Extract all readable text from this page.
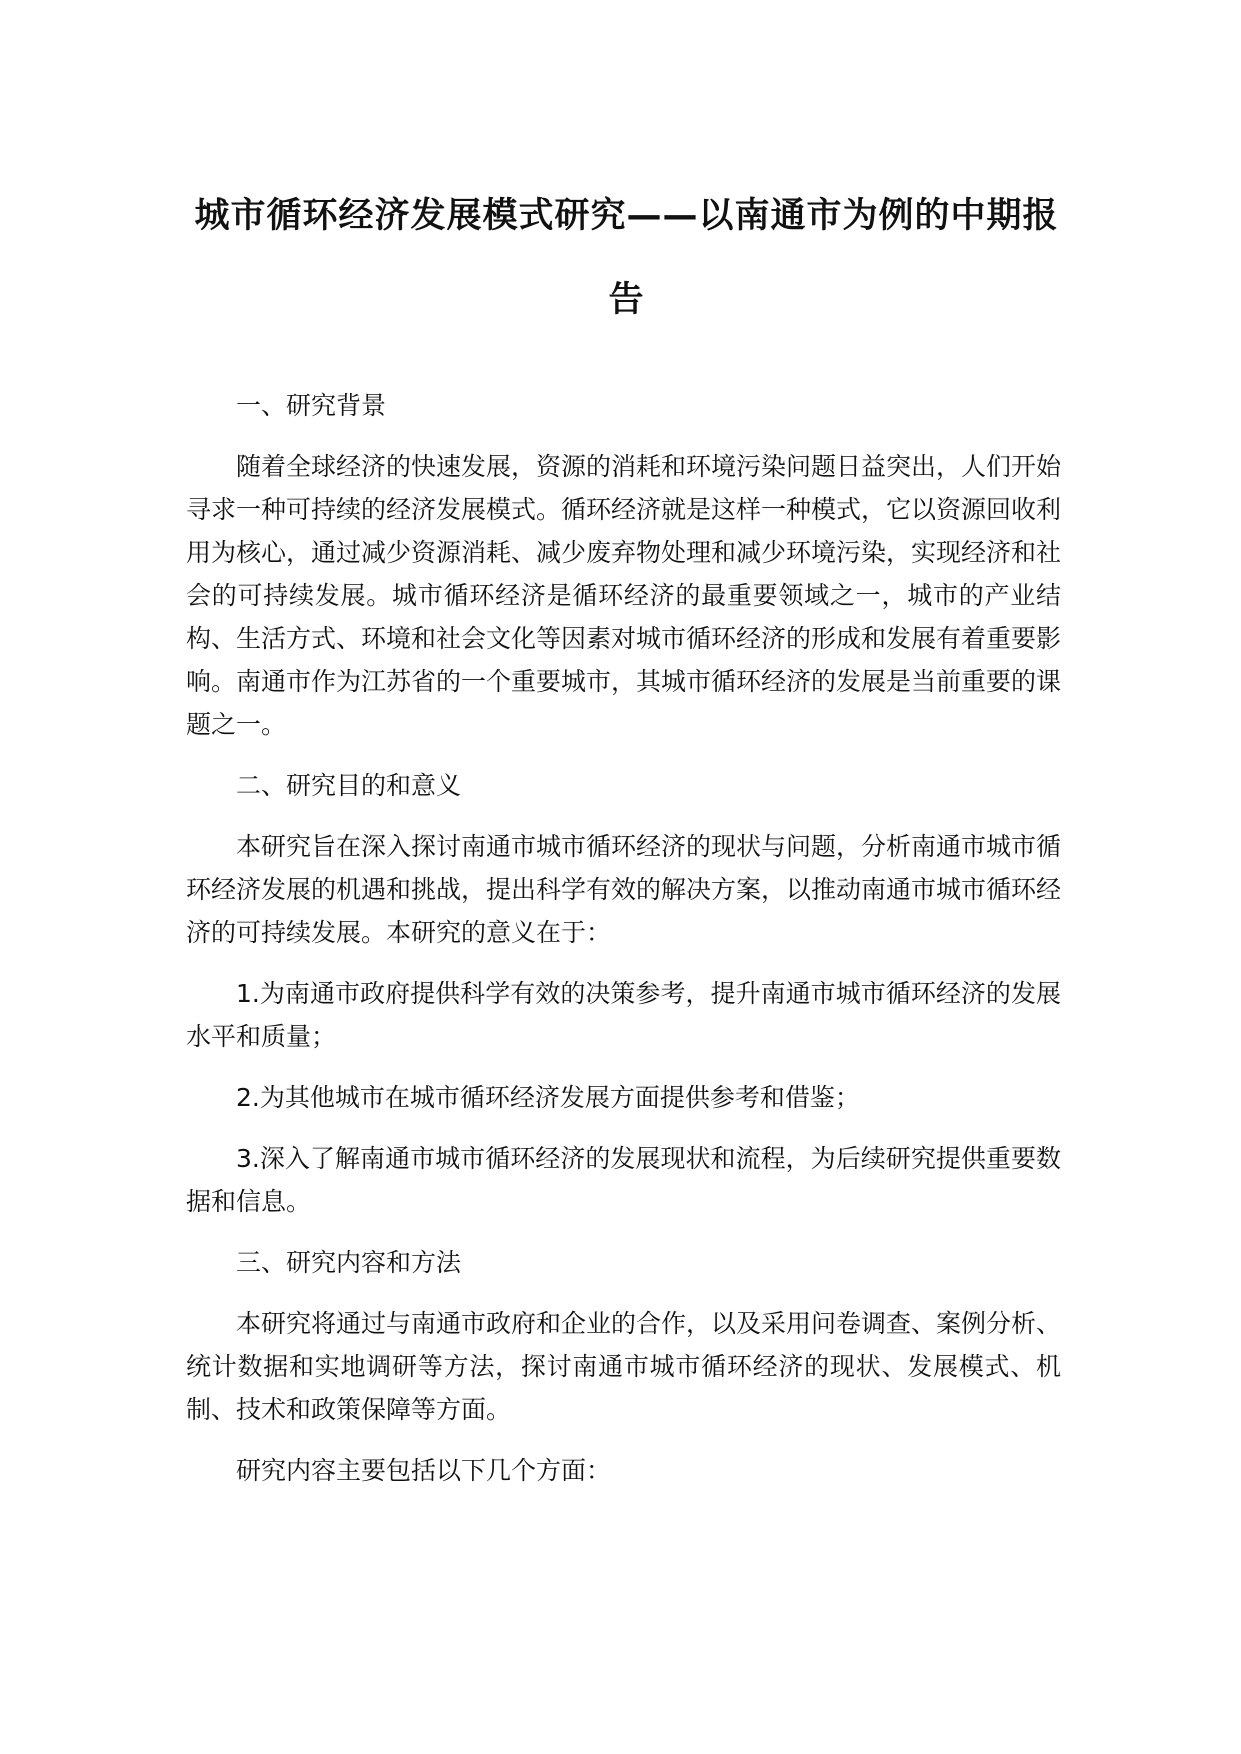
城市循环经济发展模式研究——以南通市为例的中期报告

一、研究背景

随着全球经济的快速发展，资源的消耗和环境污染问题日益突出，人们开始寻求一种可持续的经济发展模式。循环经济就是这样一种模式，它以资源回收利用为核心，通过减少资源消耗、减少废弃物处理和减少环境污染，实现经济和社会的可持续发展。城市循环经济是循环经济的最重要领域之一，城市的产业结构、生活方式、环境和社会文化等因素对城市循环经济的形成和发展有着重要影响。南通市作为江苏省的一个重要城市，其城市循环经济的发展是当前重要的课题之一。

二、研究目的和意义

本研究旨在深入探讨南通市城市循环经济的现状与问题，分析南通市城市循环经济发展的机遇和挑战，提出科学有效的解决方案，以推动南通市城市循环经济的可持续发展。本研究的意义在于：

1.为南通市政府提供科学有效的决策参考，提升南通市城市循环经济的发展水平和质量；

2.为其他城市在城市循环经济发展方面提供参考和借鉴；

3.深入了解南通市城市循环经济的发展现状和流程，为后续研究提供重要数据和信息。

三、研究内容和方法

本研究将通过与南通市政府和企业的合作，以及采用问卷调查、案例分析、统计数据和实地调研等方法，探讨南通市城市循环经济的现状、发展模式、机制、技术和政策保障等方面。

研究内容主要包括以下几个方面：
